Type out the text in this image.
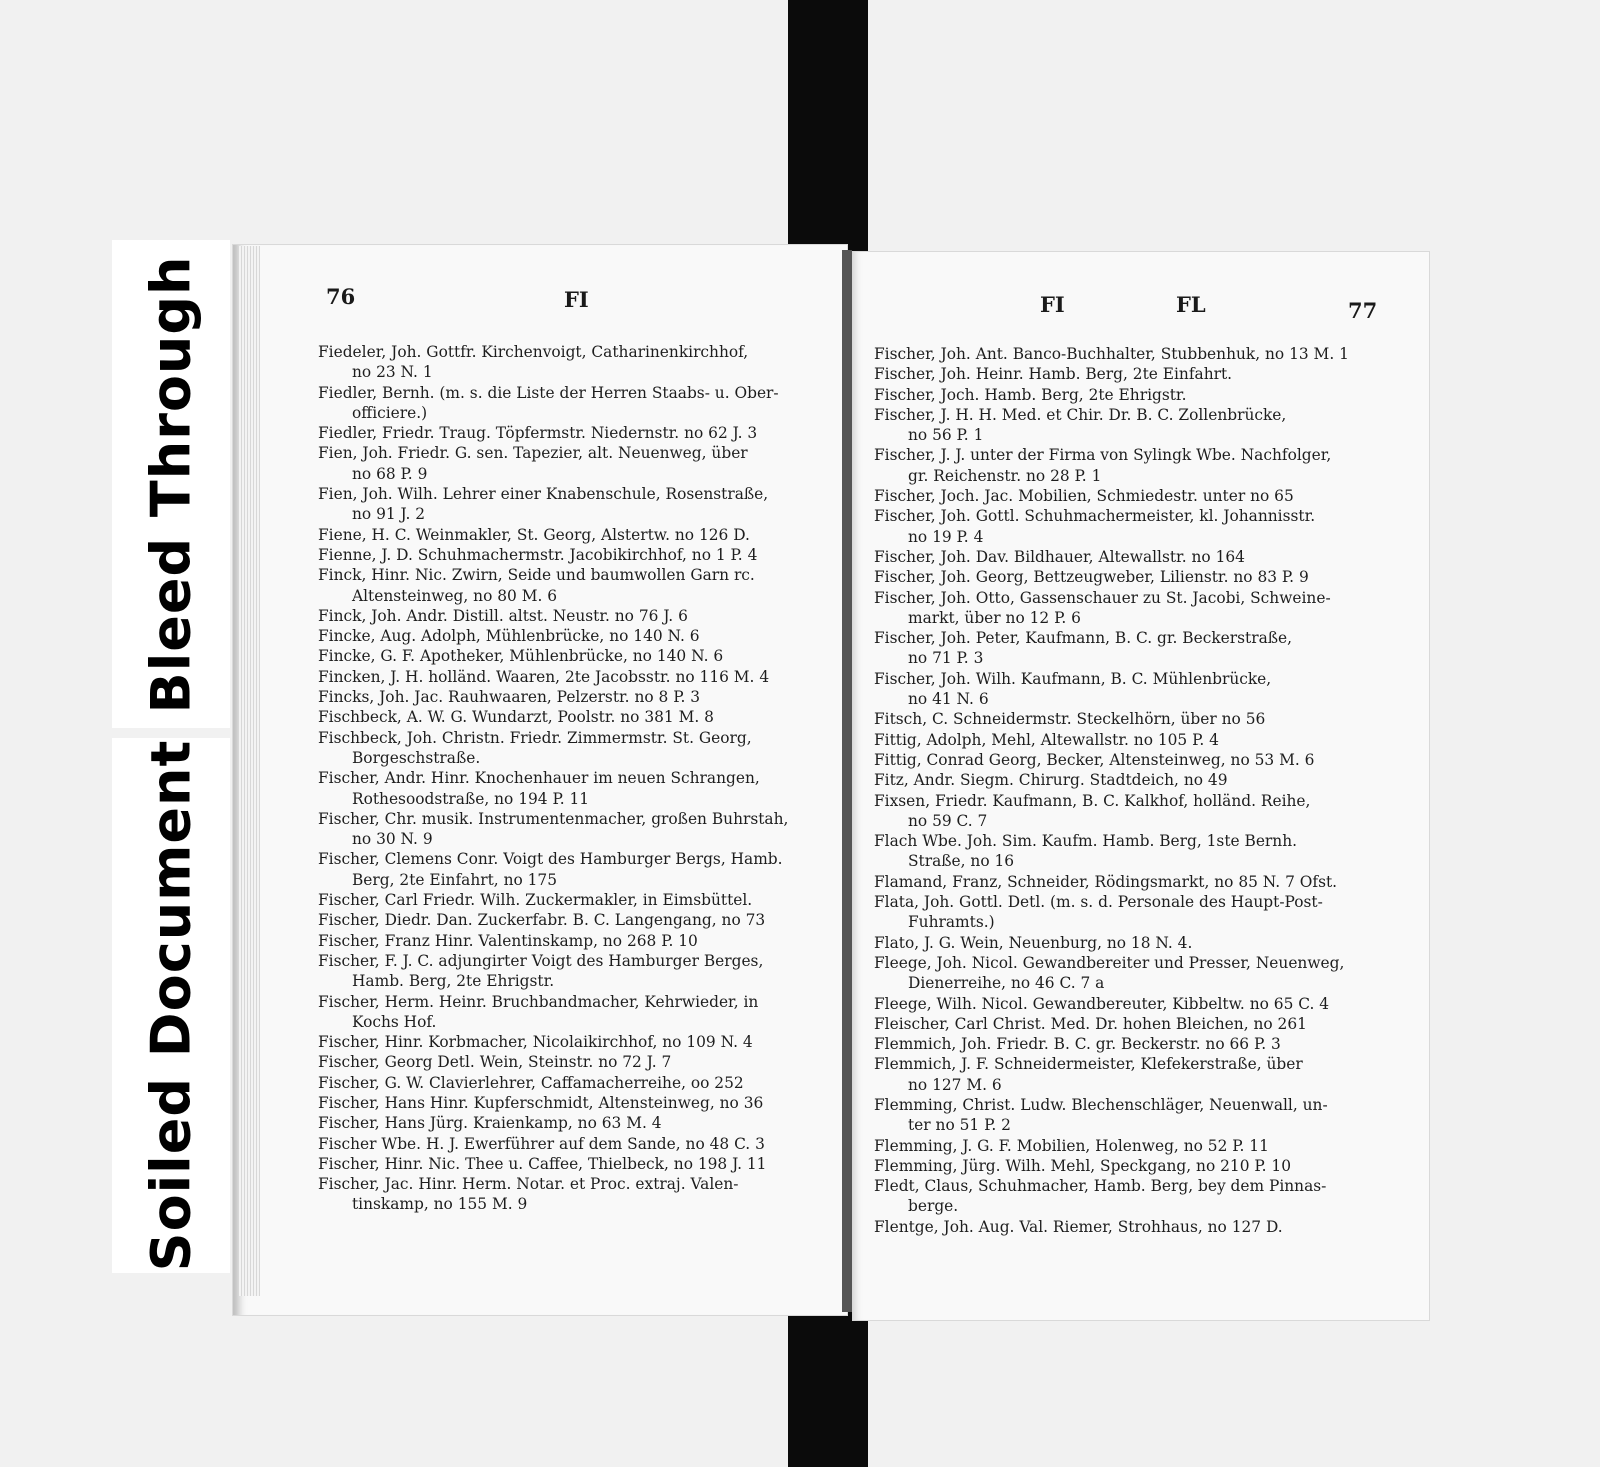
Bleed Through
Soiled Document
76	FI	FI	FL	77
Fiedeler, Joh. Gottfr. Kirchenvoigt, Catharinenkirchhof,
no 23 N. 1
Fiedler, Bernh. (m. s. die Liste der Herren Staabs- u. Ober-
officiere.)
Fiedler, Friedr. Traug. Töpfermstr. Niedernstr. no 62 J. 3
Fien, Joh. Friedr. G. sen. Tapezier, alt. Neuenweg, über
no 68 P. 9
Fien, Joh. Wilh. Lehrer einer Knabenschule, Rosenstraße,
no 91 J. 2
Fiene, H. C. Weinmakler, St. Georg, Alstertw. no 126 D.
Fienne, J. D. Schuhmachermstr. Jacobikirchhof, no 1 P. 4
Finck, Hinr. Nic. Zwirn, Seide und baumwollen Garn rc.
Altensteinweg, no 80 M. 6
Finck, Joh. Andr. Distill. altst. Neustr. no 76 J. 6
Fincke, Aug. Adolph, Mühlenbrücke, no 140 N. 6
Fincke, G. F. Apotheker, Mühlenbrücke, no 140 N. 6
Fincken, J. H. holländ. Waaren, 2te Jacobsstr. no 116 M. 4
Fincks, Joh. Jac. Rauhwaaren, Pelzerstr. no 8 P. 3
Fischbeck, A. W. G. Wundarzt, Poolstr. no 381 M. 8
Fischbeck, Joh. Christn. Friedr. Zimmermstr. St. Georg,
Borgeschstraße.
Fischer, Andr. Hinr. Knochenhauer im neuen Schrangen,
Rothesoodstraße, no 194 P. 11
Fischer, Chr. musik. Instrumentenmacher, großen Buhrstah,
no 30 N. 9
Fischer, Clemens Conr. Voigt des Hamburger Bergs, Hamb.
Berg, 2te Einfahrt, no 175
Fischer, Carl Friedr. Wilh. Zuckermakler, in Eimsbüttel.
Fischer, Diedr. Dan. Zuckerfabr. B. C. Langengang, no 73
Fischer, Franz Hinr. Valentinskamp, no 268 P. 10
Fischer, F. J. C. adjungirter Voigt des Hamburger Berges,
Hamb. Berg, 2te Ehrigstr.
Fischer, Herm. Heinr. Bruchbandmacher, Kehrwieder, in
Kochs Hof.
Fischer, Hinr. Korbmacher, Nicolaikirchhof, no 109 N. 4
Fischer, Georg Detl. Wein, Steinstr. no 72 J. 7
Fischer, G. W. Clavierlehrer, Caffamacherreihe, oo 252
Fischer, Hans Hinr. Kupferschmidt, Altensteinweg, no 36
Fischer, Hans Jürg. Kraienkamp, no 63 M. 4
Fischer Wbe. H. J. Ewerführer auf dem Sande, no 48 C. 3
Fischer, Hinr. Nic. Thee u. Caffee, Thielbeck, no 198 J. 11
Fischer, Jac. Hinr. Herm. Notar. et Proc. extraj. Valen-
tinskamp, no 155 M. 9
Fischer, Joh. Ant. Banco-Buchhalter, Stubbenhuk, no 13 M. 1
Fischer, Joh. Heinr. Hamb. Berg, 2te Einfahrt.
Fischer, Joch. Hamb. Berg, 2te Ehrigstr.
Fischer, J. H. H. Med. et Chir. Dr. B. C. Zollenbrücke,
no 56 P. 1
Fischer, J. J. unter der Firma von Sylingk Wbe. Nachfolger,
gr. Reichenstr. no 28 P. 1
Fischer, Joch. Jac. Mobilien, Schmiedestr. unter no 65
Fischer, Joh. Gottl. Schuhmachermeister, kl. Johannisstr.
no 19 P. 4
Fischer, Joh. Dav. Bildhauer, Altewallstr. no 164
Fischer, Joh. Georg, Bettzeugweber, Lilienstr. no 83 P. 9
Fischer, Joh. Otto, Gassenschauer zu St. Jacobi, Schweine-
markt, über no 12 P. 6
Fischer, Joh. Peter, Kaufmann, B. C. gr. Beckerstraße,
no 71 P. 3
Fischer, Joh. Wilh. Kaufmann, B. C. Mühlenbrücke,
no 41 N. 6
Fitsch, C. Schneidermstr. Steckelhörn, über no 56
Fittig, Adolph, Mehl, Altewallstr. no 105 P. 4
Fittig, Conrad Georg, Becker, Altensteinweg, no 53 M. 6
Fitz, Andr. Siegm. Chirurg. Stadtdeich, no 49
Fixsen, Friedr. Kaufmann, B. C. Kalkhof, holländ. Reihe,
no 59 C. 7
Flach Wbe. Joh. Sim. Kaufm. Hamb. Berg, 1ste Bernh.
Straße, no 16
Flamand, Franz, Schneider, Rödingsmarkt, no 85 N. 7 Ofst.
Flata, Joh. Gottl. Detl. (m. s. d. Personale des Haupt-Post-
Fuhramts.)
Flato, J. G. Wein, Neuenburg, no 18 N. 4.
Fleege, Joh. Nicol. Gewandbereiter und Presser, Neuenweg,
Dienerreihe, no 46 C. 7 a
Fleege, Wilh. Nicol. Gewandbereuter, Kibbeltw. no 65 C. 4
Fleischer, Carl Christ. Med. Dr. hohen Bleichen, no 261
Flemmich, Joh. Friedr. B. C. gr. Beckerstr. no 66 P. 3
Flemmich, J. F. Schneidermeister, Klefekerstraße, über
no 127 M. 6
Flemming, Christ. Ludw. Blechenschläger, Neuenwall, un-
ter no 51 P. 2
Flemming, J. G. F. Mobilien, Holenweg, no 52 P. 11
Flemming, Jürg. Wilh. Mehl, Speckgang, no 210 P. 10
Fledt, Claus, Schuhmacher, Hamb. Berg, bey dem Pinnas-
berge.
Flentge, Joh. Aug. Val. Riemer, Strohhaus, no 127 D.
